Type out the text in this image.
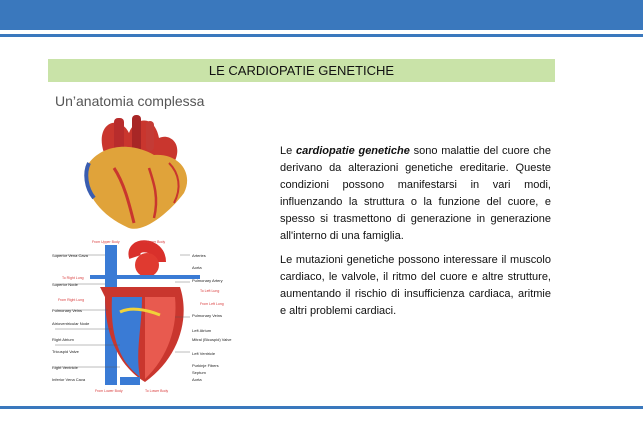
LE CARDIOPATIE GENETICHE
Un’anatomia complessa
Superior Vena Cava
Superior Node
Pulmonary Veins
Atrioventricular Node
Right Atrium
Tricuspid Valve
Right Ventricle
Inferior Vena Cava
Arteries
Aorta
Pulmonary Artery
Pulmonary Veins
Left Atrium
Mitral (Bicuspid) Valve
Left Ventricle
Purkinje Fibers
Septum
Aorta
From Upper Body	To Upper Body
To Right Lung
To Left Lung
From Right Lung
From Left Lung
From Lower Body	To Lower Body

Le cardiopatie genetiche sono malattie del cuore che derivano da alterazioni genetiche ereditarie. Queste condizioni possono manifestarsi in vari modi, influenzando la struttura o la funzione del cuore, e spesso si trasmettono di generazione in generazione all'interno di una famiglia.

Le mutazioni genetiche possono interessare il muscolo cardiaco, le valvole, il ritmo del cuore e altre strutture, aumentando il rischio di insufficienza cardiaca, aritmie e altri problemi cardiaci.
